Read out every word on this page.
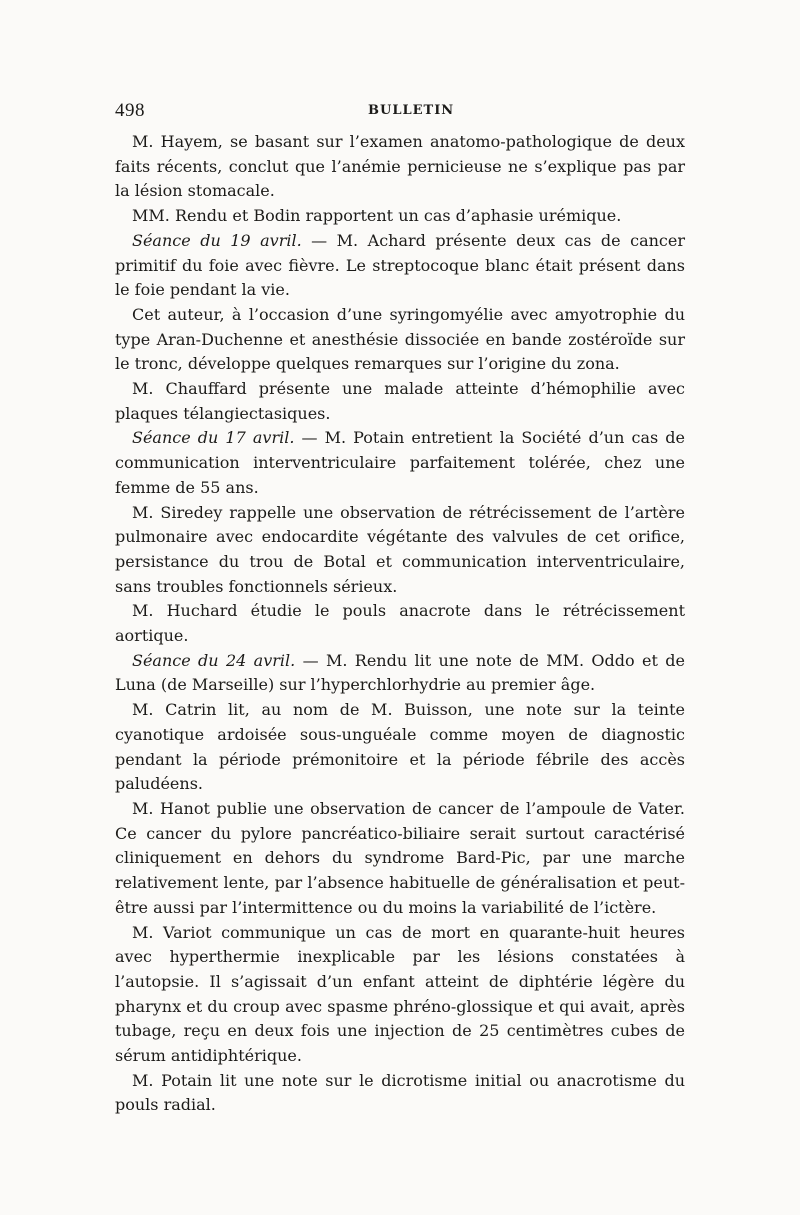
498	BULLETIN

M. Hayem, se basant sur l’examen anatomo-pathologique de deux faits récents, conclut que l’anémie pernicieuse ne s’explique pas par la lésion stomacale.

MM. Rendu et Bodin rapportent un cas d’aphasie urémique.

Séance du 19 avril. — M. Achard présente deux cas de cancer primitif du foie avec fièvre. Le streptocoque blanc était présent dans le foie pendant la vie.

Cet auteur, à l’occasion d’une syringomyélie avec amyotrophie du type Aran-Duchenne et anesthésie dissociée en bande zostéroïde sur le tronc, développe quelques remarques sur l’origine du zona.

M. Chauffard présente une malade atteinte d’hémophilie avec plaques télangiectasiques.

Séance du 17 avril. — M. Potain entretient la Société d’un cas de communication interventriculaire parfaitement tolérée, chez une femme de 55 ans.

M. Siredey rappelle une observation de rétrécissement de l’artère pulmonaire avec endocardite végétante des valvules de cet orifice, persistance du trou de Botal et communication interventriculaire, sans troubles fonctionnels sérieux.

M. Huchard étudie le pouls anacrote dans le rétrécissement aortique.

Séance du 24 avril. — M. Rendu lit une note de MM. Oddo et de Luna (de Marseille) sur l’hyperchlorhydrie au premier âge.

M. Catrin lit, au nom de M. Buisson, une note sur la teinte cyanotique ardoisée sous-unguéale comme moyen de diagnostic pendant la période prémonitoire et la période fébrile des accès paludéens.

M. Hanot publie une observation de cancer de l’ampoule de Vater. Ce cancer du pylore pancréatico-biliaire serait surtout caractérisé cliniquement en dehors du syndrome Bard-Pic, par une marche relativement lente, par l’absence habituelle de généralisation et peut-être aussi par l’intermittence ou du moins la variabilité de l’ictère.

M. Variot communique un cas de mort en quarante-huit heures avec hyperthermie inexplicable par les lésions constatées à l’autopsie. Il s’agissait d’un enfant atteint de diphtérie légère du pharynx et du croup avec spasme phréno-glossique et qui avait, après tubage, reçu en deux fois une injection de 25 centimètres cubes de sérum antidiphtérique.

M. Potain lit une note sur le dicrotisme initial ou anacrotisme du pouls radial.
